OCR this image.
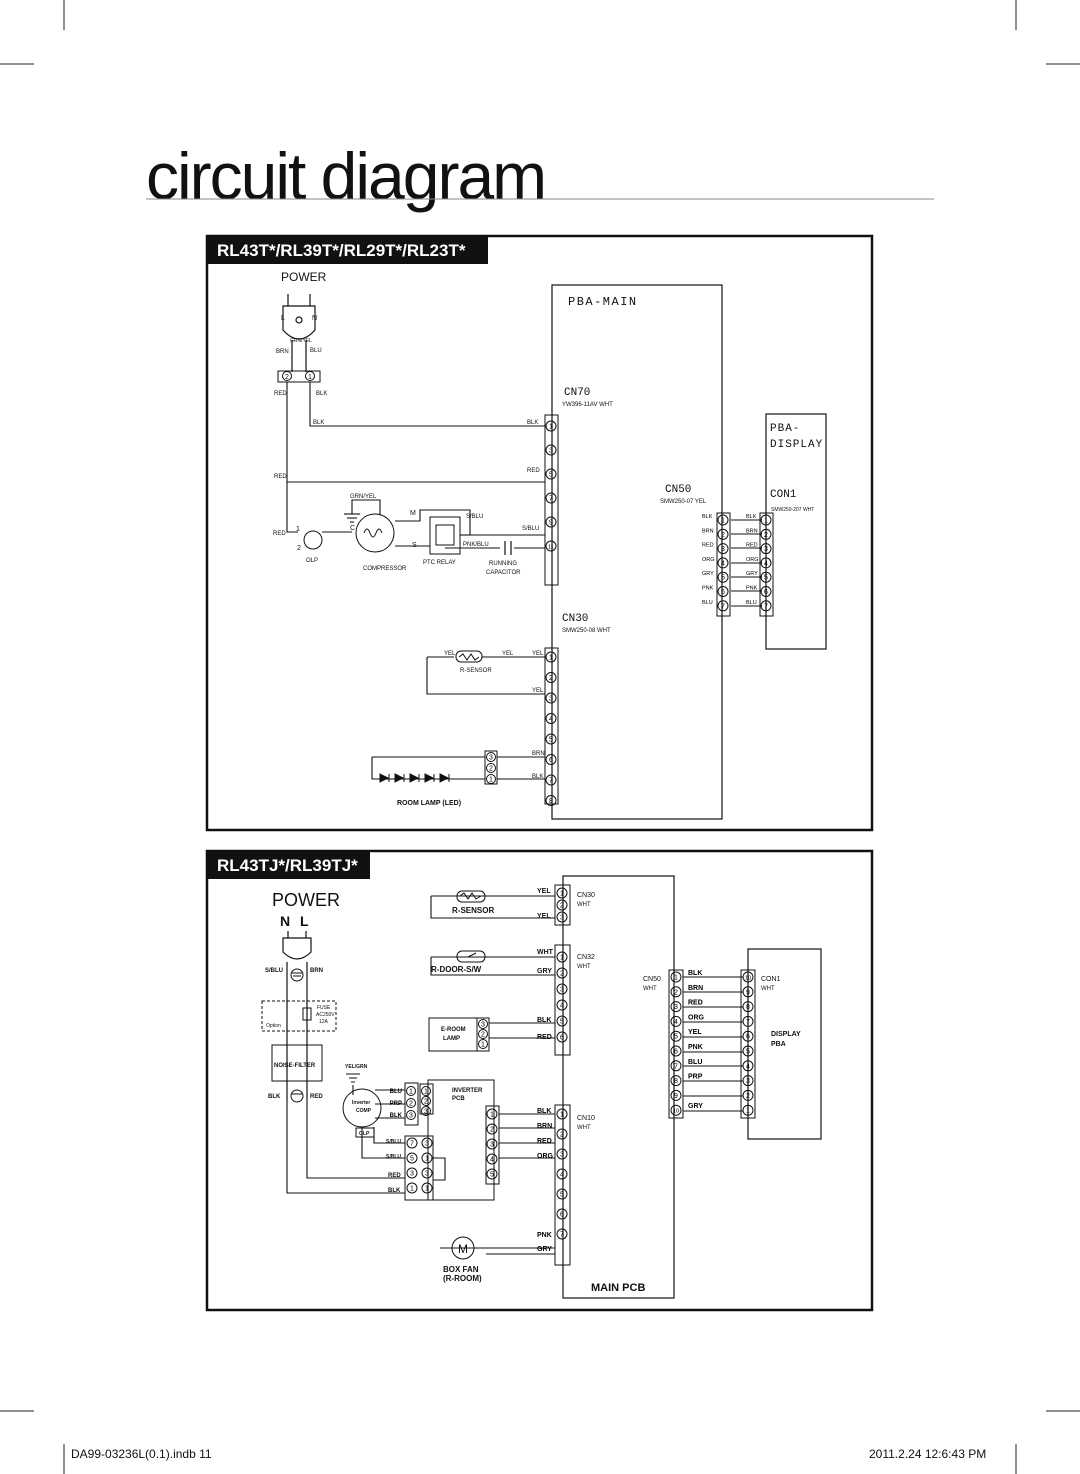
circuit diagram
RL43T*/RL39T*/RL29T*/RL23T*
POWER
L	N
GRN/YEL
BRN	BLU
2	1
RED	BLK
PBA-MAIN
CN70
YW396-11AV WHT
1
3
5
7
9
11
BLK
RED
BLK
RED
RED
GRN/YEL
M
C
S
COMPRESSOR
1
2
OLP	PTC RELAY
S/BLU
S/BLU
PNK/BLU
RUNNING
CAPACITOR
CN30
SMW250-08 WHT
1
2
3
4
5
6
7
8
YEL	YEL	YEL
YEL
R-SENSOR
BRN
BLK
3
2
1
ROOM LAMP (LED)
CN50
SMW250-07 YEL
1
2
3
4
5
6
7
BLK
BRN
RED
ORG
GRY
PNK
BLU
BLK
BRN
RED
ORG
GRY
PNK
BLU
PBA-
DISPLAY
CON1
SMW250-207 WHT
1
2
3
4
5
6
7
RL43TJ*/RL39TJ*
POWER
N L
S/BLU	BRN
FUSE
AC250V
12A
Option
NOISE-FILTER
BLK	RED
YEL/GRN
Inverter
COMP
OLP
BLU
PRP
BLK
1
2
3
INVERTER
PCB
1
2
3	1
2
3
4
5
7 3
5 1
3 3
1 1
S/BLU
S/BLU
RED
BLK
R-SENSOR
R-DOOR-S/W
YEL
YEL
WHT
GRY
E-ROOM
LAMP
3
2
1
BLK
RED
MAIN PCB
1
2
3
1
2
3
4
5
6
1
2
3
4
5
6
7
CN30
WHT
CN32
WHT
CN10
WHT
BLK
BRN
RED
ORG
M
BOX FAN
(R-ROOM)
PNK
GRY
CN50
WHT
1
2
3
4
5
6
7
8
9
10
BLK
BRN
RED
ORG
YEL
PNK
BLU
PRP
GRY
10
9
8
7
6
5
4
3
2
1
CON1
WHT
DISPLAY
PBA
DA99-03236L(0.1).indb 11	2011.2.24 12:6:43 PM
